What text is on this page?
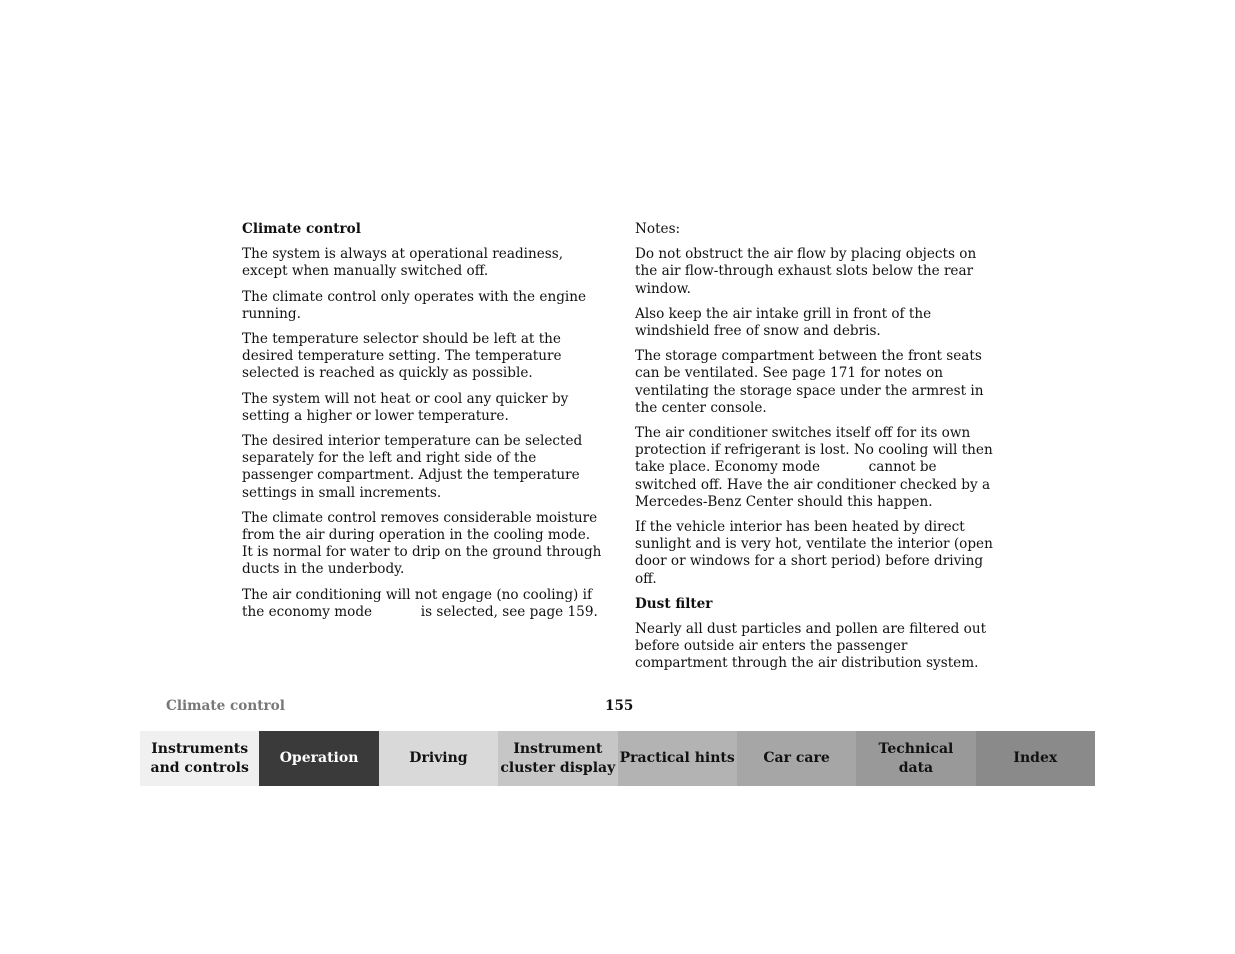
Climate control

The system is always at operational readiness, except when manually switched off.

The climate control only operates with the engine running.

The temperature selector should be left at the desired temperature setting. The temperature selected is reached as quickly as possible.

The system will not heat or cool any quicker by setting a higher or lower temperature.

The desired interior temperature can be selected separately for the left and right side of the passenger compartment. Adjust the temperature settings in small increments.

The climate control removes considerable moisture from the air during operation in the cooling mode. It is normal for water to drip on the ground through ducts in the underbody.

The air conditioning will not engage (no cooling) if the economy mode	is selected, see page 159.

Notes:

Do not obstruct the air flow by placing objects on the air flow-through exhaust slots below the rear window.

Also keep the air intake grill in front of the windshield free of snow and debris.

The storage compartment between the front seats can be ventilated. See page 171 for notes on ventilating the storage space under the armrest in the center console.

The air conditioner switches itself off for its own protection if refrigerant is lost. No cooling will then take place. Economy mode	cannot be switched off. Have the air conditioner checked by a Mercedes-Benz Center should this happen.

If the vehicle interior has been heated by direct sunlight and is very hot, ventilate the interior (open door or windows for a short period) before driving off.

Dust filter

Nearly all dust particles and pollen are filtered out before outside air enters the passenger compartment through the air distribution system.

Climate control	155
Instruments
and controls
Operation	Driving
Instrument
cluster display
Practical hints Car care
Technical
data
Index
